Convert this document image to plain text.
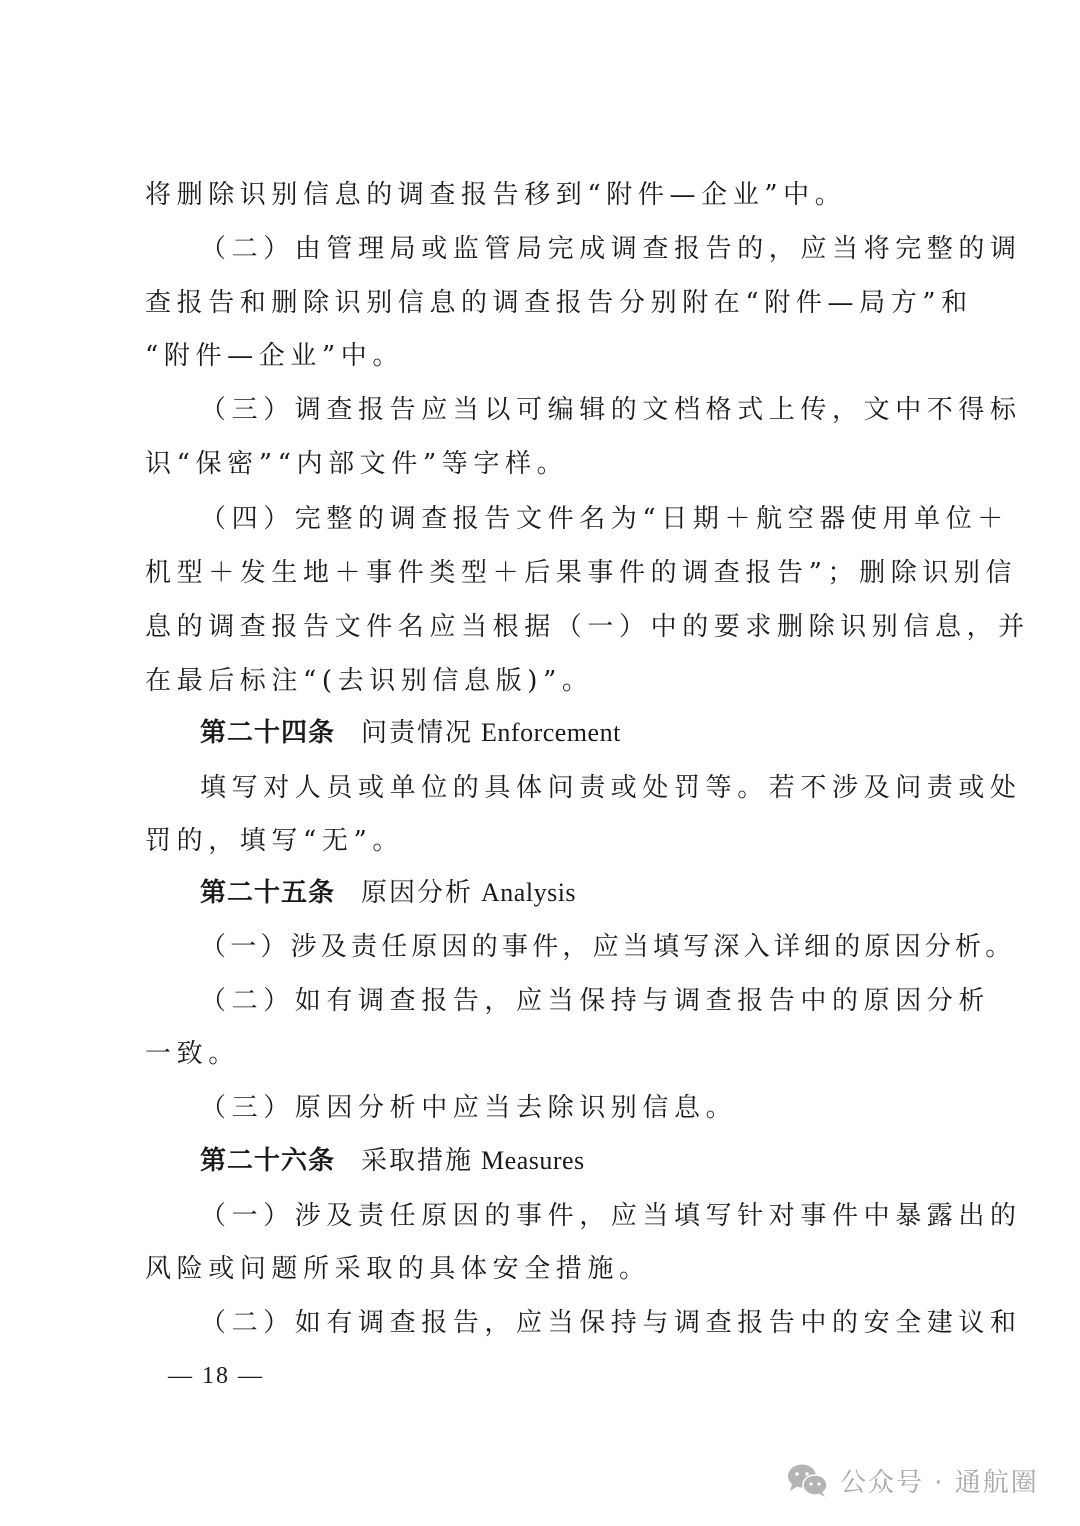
将删除识别信息的调查报告移到“附件—企业”中。
（二）由管理局或监管局完成调查报告的，应当将完整的调
查报告和删除识别信息的调查报告分别附在“附件—局方”和
“附件—企业”中。
（三）调查报告应当以可编辑的文档格式上传，文中不得标
识“保密”“内部文件”等字样。
（四）完整的调查报告文件名为“日期＋航空器使用单位＋
机型＋发生地＋事件类型＋后果事件的调查报告”；删除识别信
息的调查报告文件名应当根据（一）中的要求删除识别信息，并
在最后标注“(去识别信息版)”。
第二十四条 问责情况 Enforcement
填写对人员或单位的具体问责或处罚等。若不涉及问责或处
罚的，填写“无”。
第二十五条 原因分析 Analysis
（一）涉及责任原因的事件，应当填写深入详细的原因分析。
（二）如有调查报告，应当保持与调查报告中的原因分析
一致。
（三）原因分析中应当去除识别信息。
第二十六条 采取措施 Measures
（一）涉及责任原因的事件，应当填写针对事件中暴露出的
风险或问题所采取的具体安全措施。
（二）如有调查报告，应当保持与调查报告中的安全建议和
— 18 —
公众号 · 通航圈
